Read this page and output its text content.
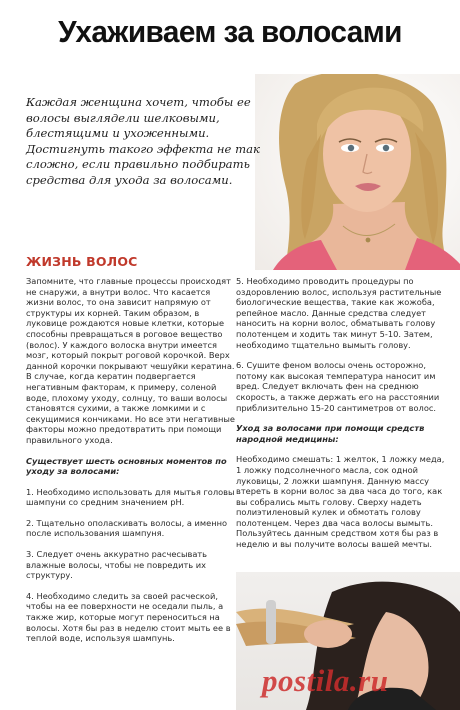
Ухаживаем за волосами
Каждая женщина хочет, чтобы ее волосы выглядели шелковыми, блестящими и ухоженными. Достигнуть такого эффекта не так сложно, если правильно подбирать средства для ухода за волосами.
ЖИЗНЬ ВОЛОС

Запомните, что главные процессы происходят не снаружи, а внутри волос. Что касается жизни волос, то она зависит напрямую от структуры их корней. Таким образом, в луковице рождаются новые клетки, которые способны превращаться в роговое вещество (волос). У каждого волоска внутри имеется мозг, который покрыт роговой корочкой. Верх данной корочки покрывают чешуйки кератина. В случае, когда кератин подвергается негативным факторам, к примеру, соленой воде, плохому уходу, солнцу, то ваши волосы становятся сухими, а также ломкими и с секущимися кончиками. Но все эти негативные факторы можно предотвратить при помощи правильного ухода.

Существует шесть основных моментов по уходу за волосами:

1. Необходимо использовать для мытья головы шампуни со средним значением pH.

2. Тщательно ополаскивать волосы, а именно после использования шампуня.

3. Следует очень аккуратно расчесывать влажные волосы, чтобы не повредить их структуру.

4. Необходимо следить за своей расческой, чтобы на ее поверхности не оседали пыль, а также жир, которые могут переноситься на волосы. Хотя бы раз в неделю стоит мыть ее в теплой воде, используя шампунь.

5. Необходимо проводить процедуры по оздоровлению волос, используя растительные биологические вещества, такие как жожоба, репейное масло. Данные средства следует наносить на корни волос, обматывать голову полотенцем и ходить так минут 5-10. Затем, необходимо тщательно вымыть голову.

6. Сушите феном волосы очень осторожно, потому как высокая температура наносит им вред. Следует включать фен на среднюю скорость, а также держать его на расстоянии приблизительно 15-20 сантиметров от волос.

Уход за волосами при помощи средств народной медицины:

Необходимо смешать: 1 желток, 1 ложку меда, 1 ложку подсолнечного масла, сок одной луковицы, 2 ложки шампуня. Данную массу втереть в корни волос за два часа до того, как вы собрались мыть голову. Сверху надеть полиэтиленовый кулек и обмотать голову полотенцем. Через два часа волосы вымыть. Пользуйтесь данным средством хотя бы раз в неделю и вы получите волосы вашей мечты.

postila.ru
